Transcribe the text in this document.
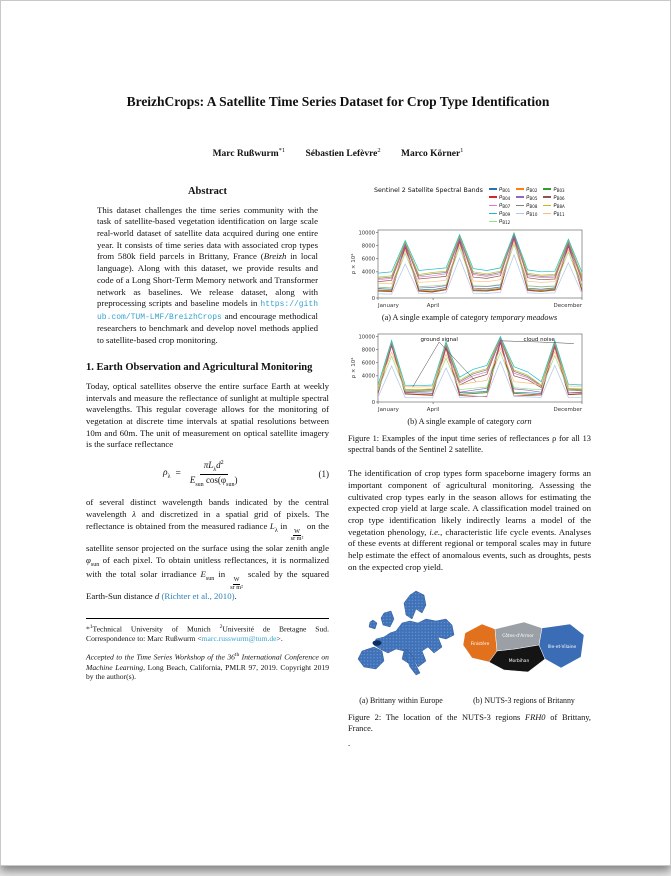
BreizhCrops: A Satellite Time Series Dataset for Crop Type Identification
Marc Rußwurm$^{*1}$ Sébastien Lefèvre$^2$ Marco Körner$^1$
Abstract

This dataset challenges the time series community with the task of satellite-based vegetation identification on large scale real-world dataset of satellite data acquired during one entire year. It consists of time series data with associated crop types from 580k field parcels in Brittany, France (Breizh in local language). Along with this dataset, we provide results and code of a Long Short-Term Memory network and Transformer network as baselines. We release dataset, along with preprocessing scripts and baseline models in https://github.com/TUM-LMF/BreizhCrops and encourage methodical researchers to benchmark and develop novel methods applied to satellite-based crop monitoring.

1. Earth Observation and Agricultural Monitoring

Today, optical satellites observe the entire surface Earth at weekly intervals and measure the reflectance of sunlight at multiple spectral wavelengths. This regular coverage allows for the monitoring of vegetation at discrete time intervals at spatial resolutions between 10m and 60m. The unit of measurement on optical satellite imagery is the surface reflectance

$\rho_\lambda = \frac{\pi L_\lambda d^2}{E_{sun} \cos(\varphi_{sun})}$	(1)

of several distinct wavelength bands indicated by the central wavelength λ and discretized in a spatial grid of pixels. The reflectance is obtained from the measured radiance $L_\lambda$ in
$\frac{W}{\text{sr m²}}$
on the satellite sensor projected on the surface using the solar zenith angle $\varphi_{sun}$ of each pixel. To obtain unitless reflectances, it is normalized with the total solar irradiance $E_{sun}$ in
$\frac{W}{\text{sr m²}}$
scaled by the squared Earth-Sun distance d (Richter et al., 2010).

*$^1$Technical University of Munich $^2$Université de Bretagne Sud. Correspondence to: Marc Rußwurm <marc.russwurm@tum.de>.

Accepted to the Time Series Workshop of the 36th International Conference on Machine Learning, Long Beach, California, PMLR 97, 2019. Copyright 2019 by the author(s).

Sentinel 2 Satellite Spectral Bands	$\rho_{B01}$	$\rho_{B02}$	$\rho_{B03}$
$\rho_{B04}$	$\rho_{B05}$	$\rho_{B06}$
$\rho_{B07}$	$\rho_{B08}$	$\rho_{B8A}$
$\rho_{B09}$	$\rho_{B10}$	$\rho_{B11}$
$\rho_{B12}$
0
4000
6000
8000
10000
January	April	December
ρ × 10⁴
(a) A single example of category temporary meadows
0
4000
6000
8000
10000
January	April	December
ρ × 10⁴
ground signal	cloud noise
(b) A single example of category corn

Figure 1: Examples of the input time series of reflectances ρ for all 13 spectral bands of the Sentinel 2 satellite.

The identification of crop types form spaceborne imagery forms an important component of agricultural monitoring. Assessing the cultivated crop types early in the season allows for estimating the expected crop yield at large scale. A classification model trained on crop type identification likely indirectly learns a model of the vegetation phenology, i.e., characteristic life cycle events. Analyses of these events at different regional or temporal scales may in future help estimate the effect of anomalous events, such as droughts, pests on the expected crop yield.

Finistère
Côtes-d'Armor
Morbihan
Ille-et-Vilaine
(a) Brittany within Europe	(b) NUTS-3 regions of Britanny

Figure 2: The location of the NUTS-3 regions FRH0 of Brittany, France.

.
